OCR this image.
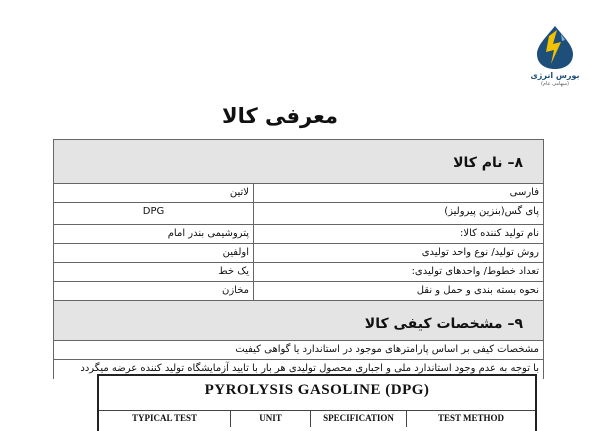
بورس انرژی
(سهامی عام)
معرفی کالا
۸– نام کالا
لاتین	فارسی
DPG	پای گس(بنزین پیرولیز)
پتروشیمی بندر امام	نام تولید کننده کالا:
اولفین	روش تولید/ نوع واحد تولیدی
یک خط	تعداد خطوط/ واحدهای تولیدی:
مخازن	نحوه بسته بندی و حمل و نقل
۹– مشخصات کیفی کالا
مشخصات کیفی بر اساس پارامترهای موجود در استاندارد یا گواهی کیفیت
با توجه به عدم وجود استاندارد ملی و اجباری محصول تولیدی هر بار با تایید آزمایشگاه تولید کننده عرضه میگردد
PYROLYSIS GASOLINE (DPG)
TYPICAL TEST	UNIT	SPECIFICATION	TEST METHOD
